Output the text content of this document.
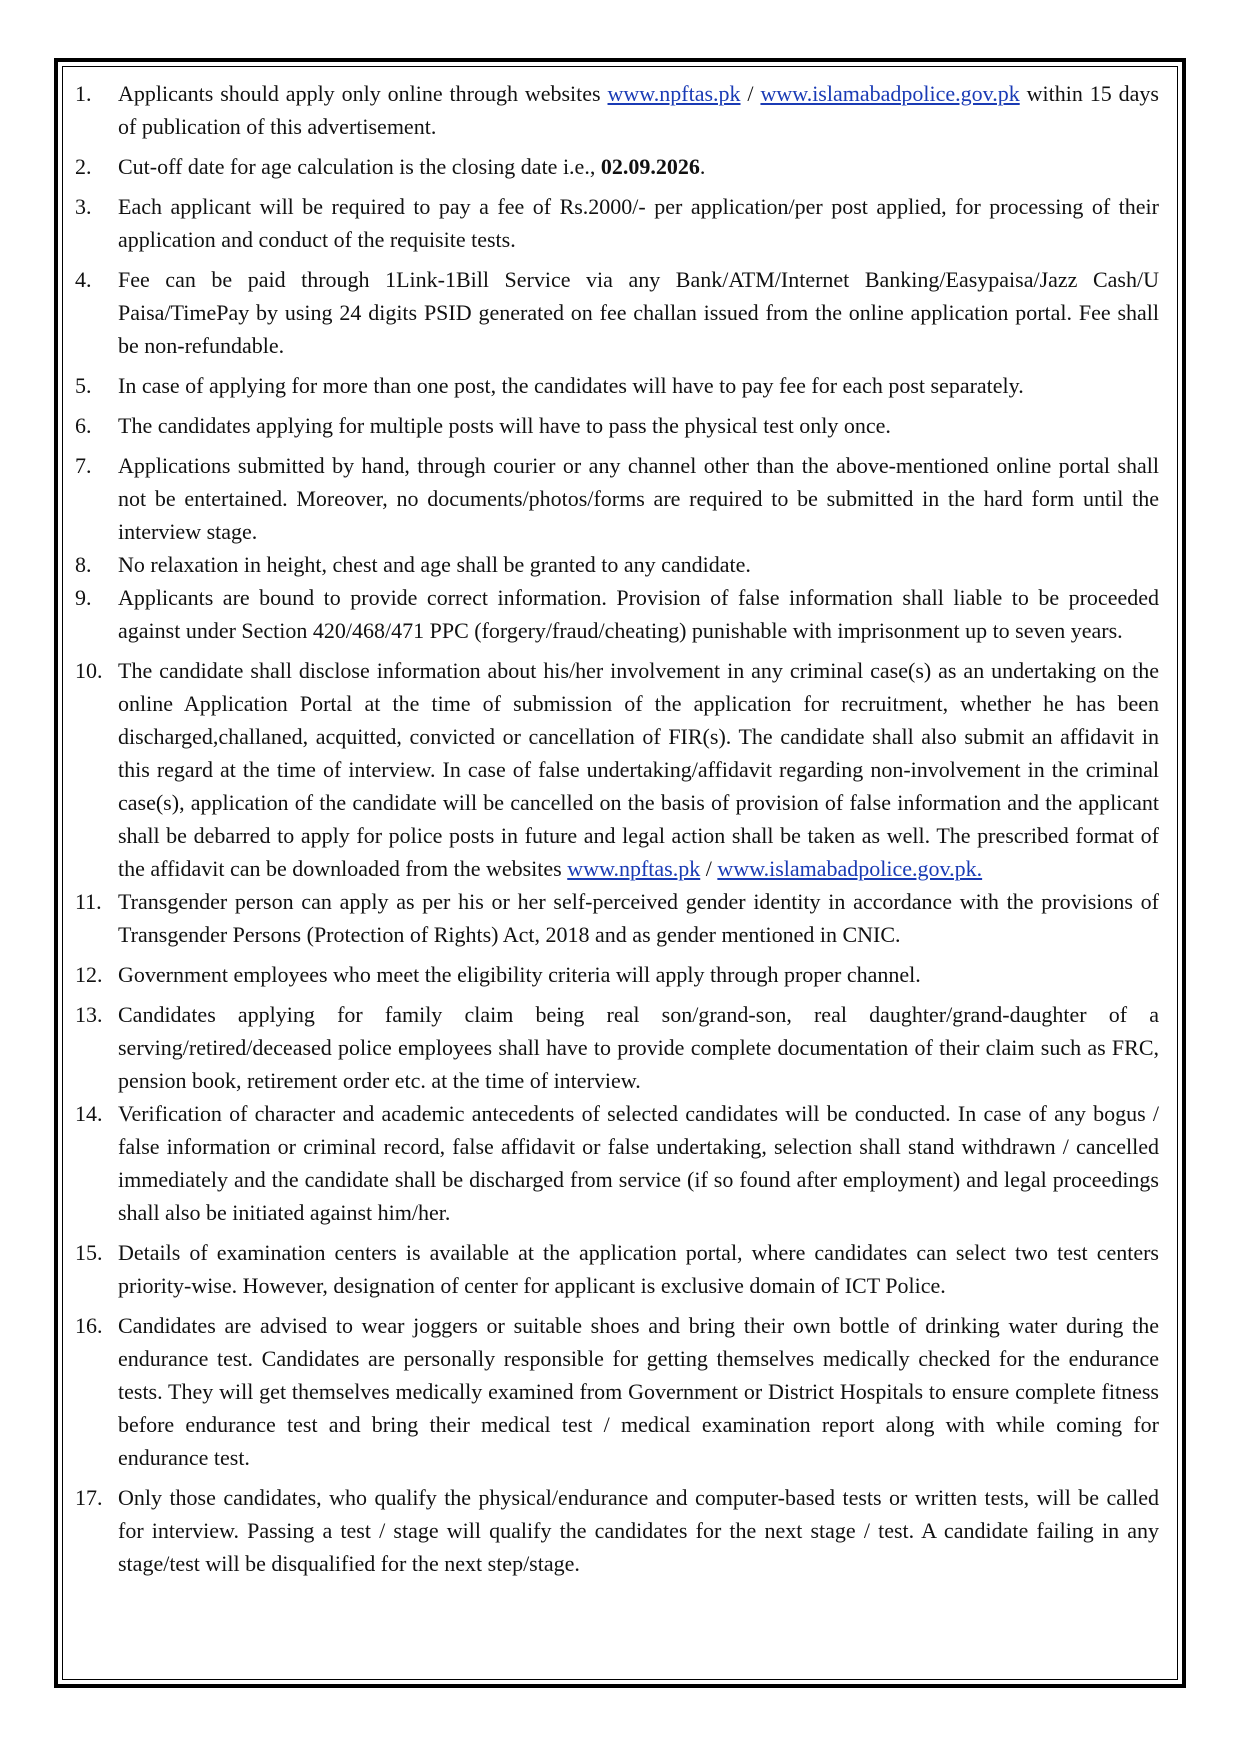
1.	Applicants should apply only online through websites www.npftas.pk / www.islamabadpolice.gov.pk within 15 days of publication of this advertisement.
2.	Cut-off date for age calculation is the closing date i.e., 02.09.2026.
3.	Each applicant will be required to pay a fee of Rs.2000/- per application/per post applied, for processing of their application and conduct of the requisite tests.
4.	Fee can be paid through 1Link-1Bill Service via any Bank/ATM/Internet Banking/Easypaisa/Jazz Cash/U Paisa/TimePay by using 24 digits PSID generated on fee challan issued from the online application portal. Fee shall be non-refundable.
5.	In case of applying for more than one post, the candidates will have to pay fee for each post separately.
6.	The candidates applying for multiple posts will have to pass the physical test only once.
7.	Applications submitted by hand, through courier or any channel other than the above-mentioned online portal shall not be entertained. Moreover, no documents/photos/forms are required to be submitted in the hard form until the interview stage.
8.	No relaxation in height, chest and age shall be granted to any candidate.
9.	Applicants are bound to provide correct information. Provision of false information shall liable to be proceeded against under Section 420/468/471 PPC (forgery/fraud/cheating) punishable with imprisonment up to seven years.
10. The candidate shall disclose information about his/her involvement in any criminal case(s) as an undertaking on the online Application Portal at the time of submission of the application for recruitment, whether he has been discharged,challaned, acquitted, convicted or cancellation of FIR(s). The candidate shall also submit an affidavit in this regard at the time of interview. In case of false undertaking/affidavit regarding non-involvement in the criminal case(s), application of the candidate will be cancelled on the basis of provision of false information and the applicant shall be debarred to apply for police posts in future and legal action shall be taken as well. The prescribed format of the affidavit can be downloaded from the websites www.npftas.pk / www.islamabadpolice.gov.pk.
11. Transgender person can apply as per his or her self-perceived gender identity in accordance with the provisions of Transgender Persons (Protection of Rights) Act, 2018 and as gender mentioned in CNIC.
12. Government employees who meet the eligibility criteria will apply through proper channel.
13. Candidates applying for family claim being real son/grand-son, real daughter/grand-daughter of a serving/retired/deceased police employees shall have to provide complete documentation of their claim such as FRC, pension book, retirement order etc. at the time of interview.
14. Verification of character and academic antecedents of selected candidates will be conducted. In case of any bogus / false information or criminal record, false affidavit or false undertaking, selection shall stand withdrawn / cancelled immediately and the candidate shall be discharged from service (if so found after employment) and legal proceedings shall also be initiated against him/her.
15. Details of examination centers is available at the application portal, where candidates can select two test centers priority-wise. However, designation of center for applicant is exclusive domain of ICT Police.
16. Candidates are advised to wear joggers or suitable shoes and bring their own bottle of drinking water during the endurance test. Candidates are personally responsible for getting themselves medically checked for the endurance tests. They will get themselves medically examined from Government or District Hospitals to ensure complete fitness before endurance test and bring their medical test / medical examination report along with while coming for endurance test.
17. Only those candidates, who qualify the physical/endurance and computer-based tests or written tests, will be called for interview. Passing a test / stage will qualify the candidates for the next stage / test. A candidate failing in any stage/test will be disqualified for the next step/stage.
